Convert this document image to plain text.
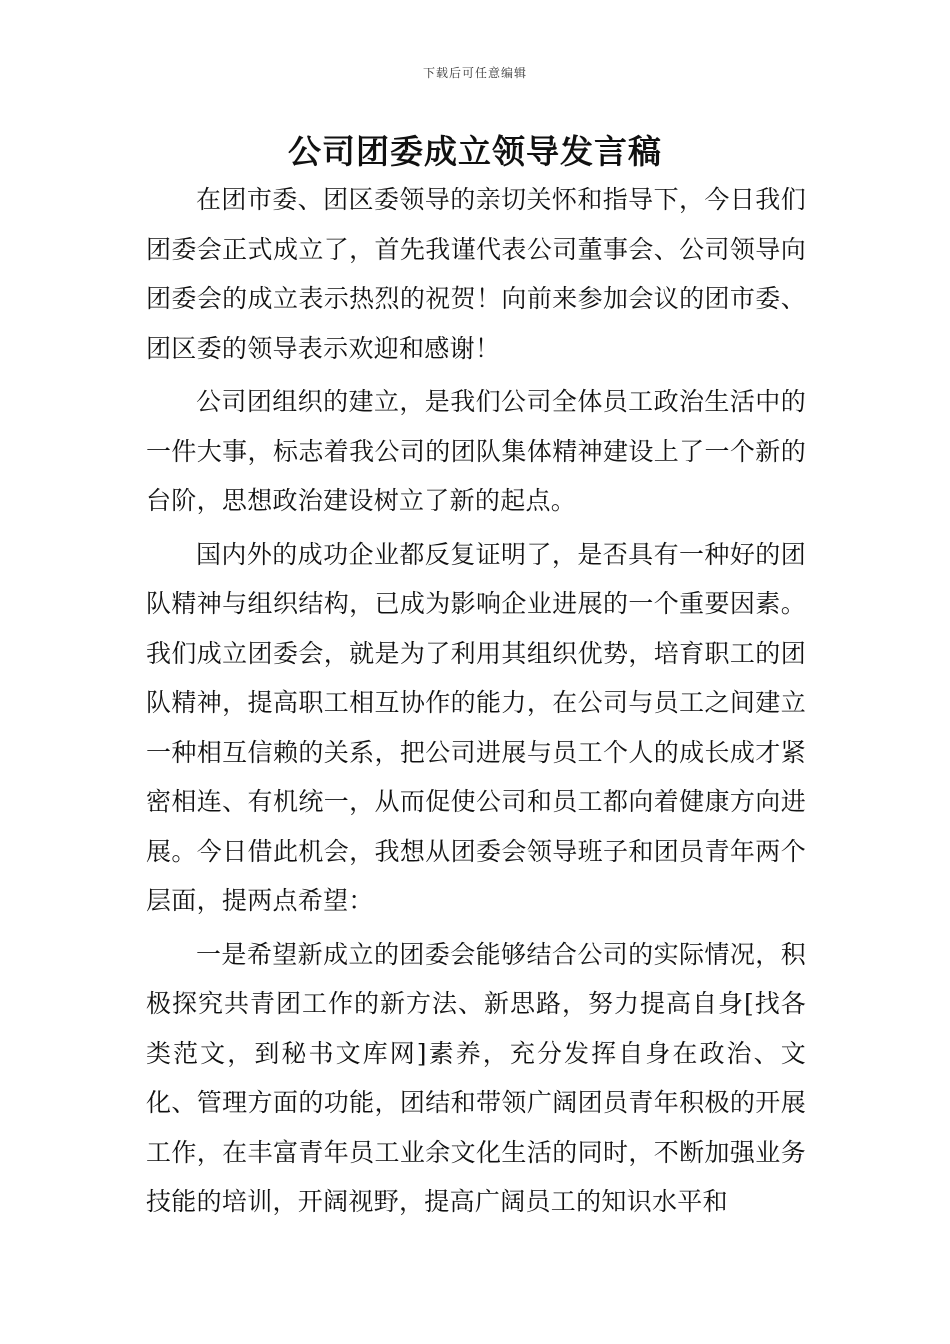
下载后可任意编辑
公司团委成立领导发言稿

在团市委、团区委领导的亲切关怀和指导下，今日我们团委会正式成立了，首先我谨代表公司董事会、公司领导向团委会的成立表示热烈的祝贺！向前来参加会议的团市委、团区委的领导表示欢迎和感谢！

公司团组织的建立，是我们公司全体员工政治生活中的一件大事，标志着我公司的团队集体精神建设上了一个新的台阶，思想政治建设树立了新的起点。

国内外的成功企业都反复证明了，是否具有一种好的团队精神与组织结构，已成为影响企业进展的一个重要因素。我们成立团委会，就是为了利用其组织优势，培育职工的团队精神，提高职工相互协作的能力，在公司与员工之间建立一种相互信赖的关系，把公司进展与员工个人的成长成才紧密相连、有机统一，从而促使公司和员工都向着健康方向进展。今日借此机会，我想从团委会领导班子和团员青年两个层面，提两点希望：

一是希望新成立的团委会能够结合公司的实际情况，积极探究共青团工作的新方法、新思路，努力提高自身[找各类范文，到秘书文库网]素养，充分发挥自身在政治、文化、管理方面的功能，团结和带领广阔团员青年积极的开展工作，在丰富青年员工业余文化生活的同时，不断加强业务技能的培训，开阔视野，提高广阔员工的知识水平和
